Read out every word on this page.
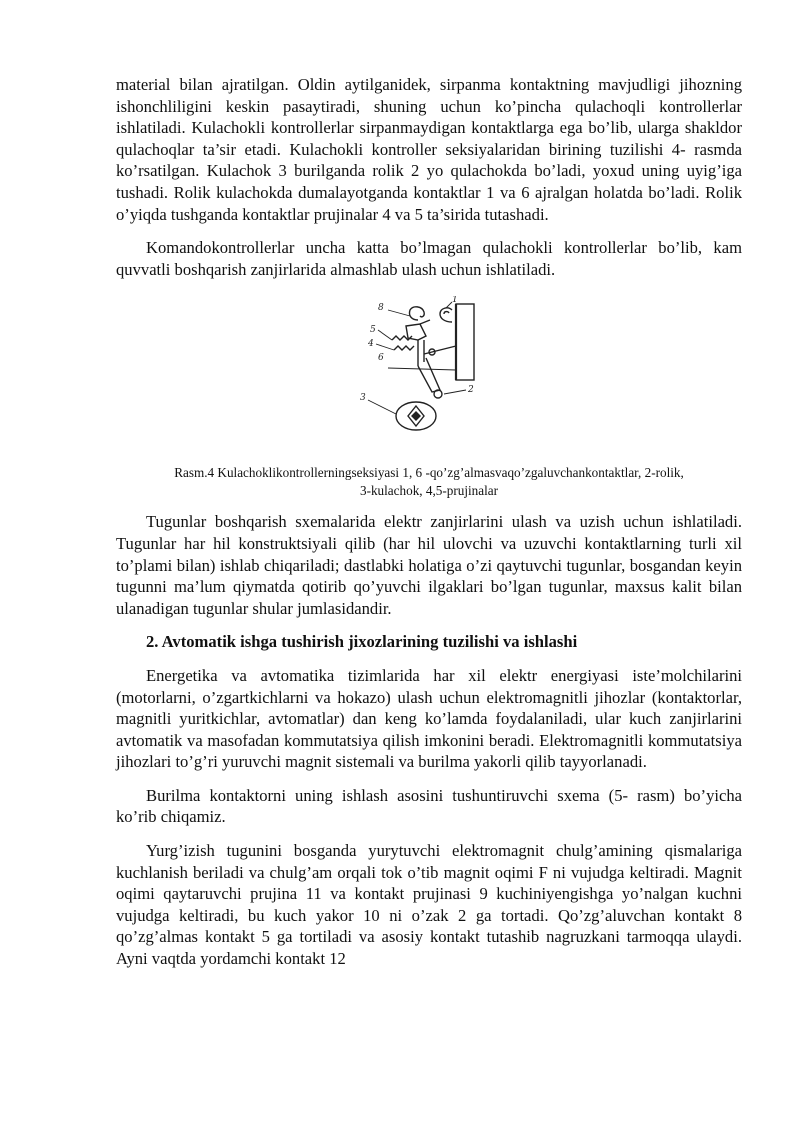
material bilan ajratilgan. Oldin aytilganidek, sirpanma kontaktning mavjudligi jihozning ishonchliligini keskin pasaytiradi, shuning uchun ko’pincha qulachoqli kontrollerlar ishlatiladi. Kulachokli kontrollerlar sirpanmaydigan kontaktlarga ega bo’lib, ularga shakldor qulachoqlar ta’sir etadi. Kulachokli kontroller seksiyalaridan birining tuzilishi 4- rasmda ko’rsatilgan. Kulachok 3 burilganda rolik 2 yo qulachokda bo’ladi, yoxud uning uyig’iga tushadi. Rolik kulachokda dumalayotganda kontaktlar 1 va 6 ajralgan holatda bo’ladi. Rolik o’yiqda tushganda kontaktlar prujinalar 4 va 5 ta’sirida tutashadi.

Komandokontrollerlar uncha katta bo’lmagan qulachokli kontrollerlar bo’lib, kam quvvatli boshqarish zanjirlarida almashlab ulash uchun ishlatiladi.

8
1
5
4
6
3
2
Rasm.4 Kulachoklikontrollerningseksiyasi 1, 6 -qo’zg’almasvaqo’zgaluvchankontaktlar, 2-rolik,
3-kulachok, 4,5-prujinalar

Tugunlar boshqarish sxemalarida elektr zanjirlarini ulash va uzish uchun ishlatiladi. Tugunlar har hil konstruktsiyali qilib (har hil ulovchi va uzuvchi kontaktlarning turli xil to’plami bilan) ishlab chiqariladi; dastlabki holatiga o’zi qaytuvchi tugunlar, bosgandan keyin tugunni ma’lum qiymatda qotirib qo’yuvchi ilgaklari bo’lgan tugunlar, maxsus kalit bilan ulanadigan tugunlar shular jumlasidandir.

2. Avtomatik ishga tushirish jixozlarining tuzilishi va ishlashi

Energetika va avtomatika tizimlarida har xil elektr energiyasi iste’molchilarini (motorlarni, o’zgartkichlarni va hokazo) ulash uchun elektromagnitli jihozlar (kontaktorlar, magnitli yuritkichlar, avtomatlar) dan keng ko’lamda foydalaniladi, ular kuch zanjirlarini avtomatik va masofadan kommutatsiya qilish imkonini beradi. Elektromagnitli kommutatsiya jihozlari to’g’ri yuruvchi magnit sistemali va burilma yakorli qilib tayyorlanadi.

Burilma kontaktorni uning ishlash asosini tushuntiruvchi sxema (5- rasm) bo’yicha ko’rib chiqamiz.

Yurg’izish tugunini bosganda yurytuvchi elektromagnit chulg’amining qismalariga kuchlanish beriladi va chulg’am orqali tok o’tib magnit oqimi F ni vujudga keltiradi. Magnit oqimi qaytaruvchi prujina 11 va kontakt prujinasi 9 kuchiniyengishga yo’nalgan kuchni vujudga keltiradi, bu kuch yakor 10 ni o’zak 2 ga tortadi. Qo’zg’aluvchan kontakt 8 qo’zg’almas kontakt 5 ga tortiladi va asosiy kontakt tutashib nagruzkani tarmoqqa ulaydi. Ayni vaqtda yordamchi kontakt 12
